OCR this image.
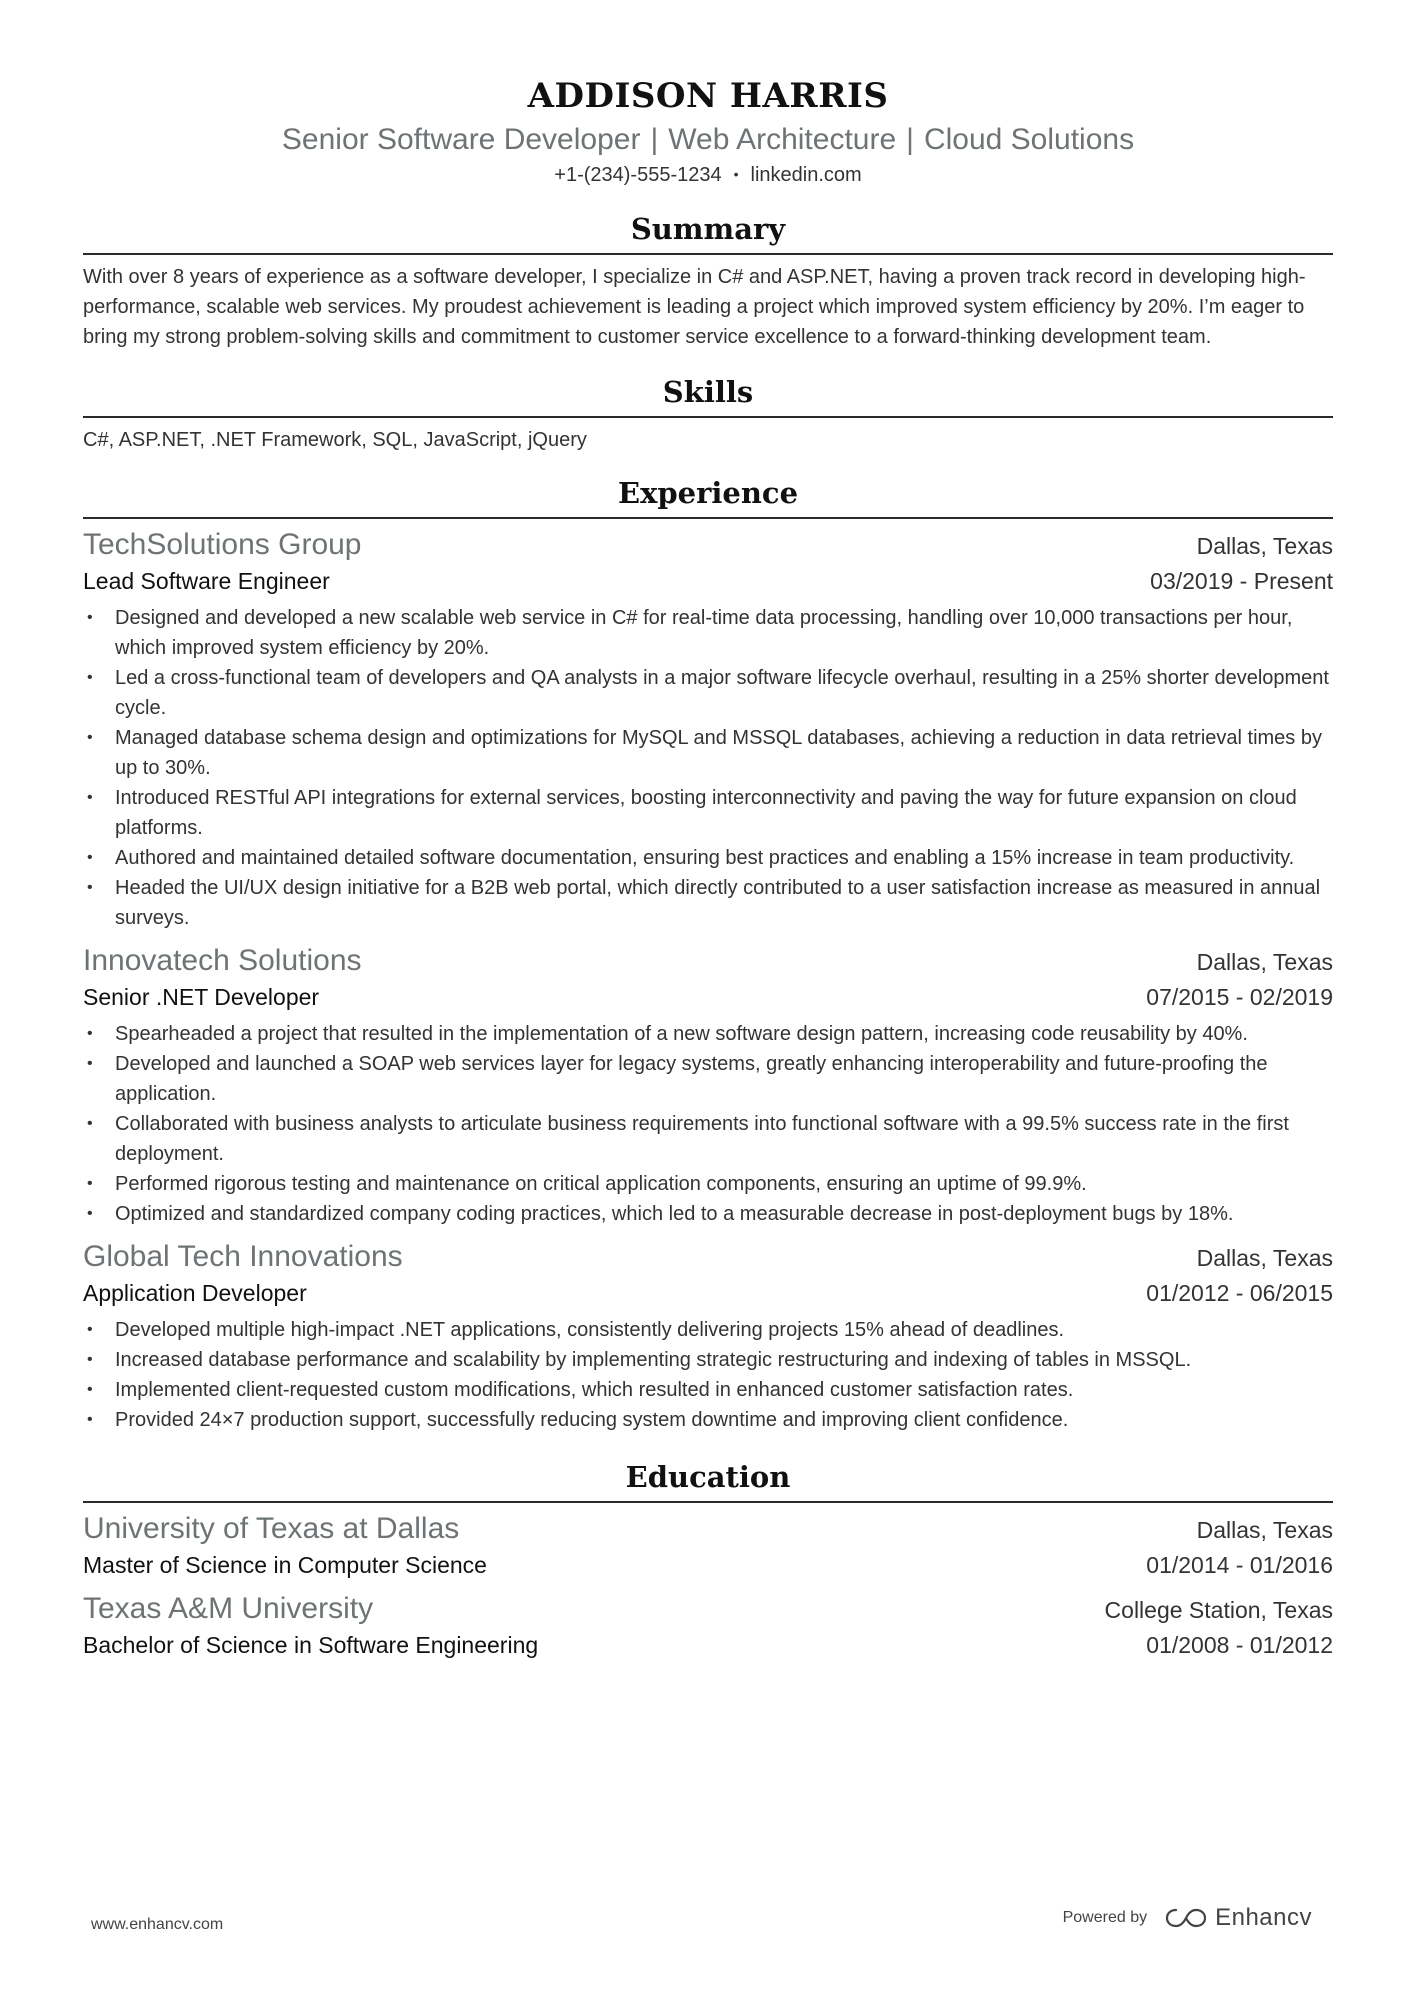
ADDISON HARRIS
Senior Software Developer | Web Architecture | Cloud Solutions
+1-(234)-555-1234 • linkedin.com
Summary
With over 8 years of experience as a software developer, I specialize in C# and ASP.NET, having a proven track record in developing high-performance, scalable web services. My proudest achievement is leading a project which improved system efficiency by 20%. I’m eager to bring my strong problem-solving skills and commitment to customer service excellence to a forward-thinking development team.
Skills
C#, ASP.NET, .NET Framework, SQL, JavaScript, jQuery
Experience
TechSolutions Group	Dallas, Texas
Lead Software Engineer	03/2019 - Present
• Designed and developed a new scalable web service in C# for real-time data processing, handling over 10,000 transactions per hour, which improved system efficiency by 20%.
• Led a cross-functional team of developers and QA analysts in a major software lifecycle overhaul, resulting in a 25% shorter development cycle.
• Managed database schema design and optimizations for MySQL and MSSQL databases, achieving a reduction in data retrieval times by up to 30%.
• Introduced RESTful API integrations for external services, boosting interconnectivity and paving the way for future expansion on cloud platforms.
• Authored and maintained detailed software documentation, ensuring best practices and enabling a 15% increase in team productivity.
• Headed the UI/UX design initiative for a B2B web portal, which directly contributed to a user satisfaction increase as measured in annual surveys.
Innovatech Solutions	Dallas, Texas
Senior .NET Developer	07/2015 - 02/2019
• Spearheaded a project that resulted in the implementation of a new software design pattern, increasing code reusability by 40%.
• Developed and launched a SOAP web services layer for legacy systems, greatly enhancing interoperability and future-proofing the application.
• Collaborated with business analysts to articulate business requirements into functional software with a 99.5% success rate in the first deployment.
• Performed rigorous testing and maintenance on critical application components, ensuring an uptime of 99.9%.
• Optimized and standardized company coding practices, which led to a measurable decrease in post-deployment bugs by 18%.
Global Tech Innovations	Dallas, Texas
Application Developer	01/2012 - 06/2015
• Developed multiple high-impact .NET applications, consistently delivering projects 15% ahead of deadlines.
• Increased database performance and scalability by implementing strategic restructuring and indexing of tables in MSSQL.
• Implemented client-requested custom modifications, which resulted in enhanced customer satisfaction rates.
• Provided 24×7 production support, successfully reducing system downtime and improving client confidence.
Education
University of Texas at Dallas	Dallas, Texas
Master of Science in Computer Science	01/2014 - 01/2016
Texas A&M University	College Station, Texas
Bachelor of Science in Software Engineering	01/2008 - 01/2012
www.enhancv.com	Powered by	Enhancv
